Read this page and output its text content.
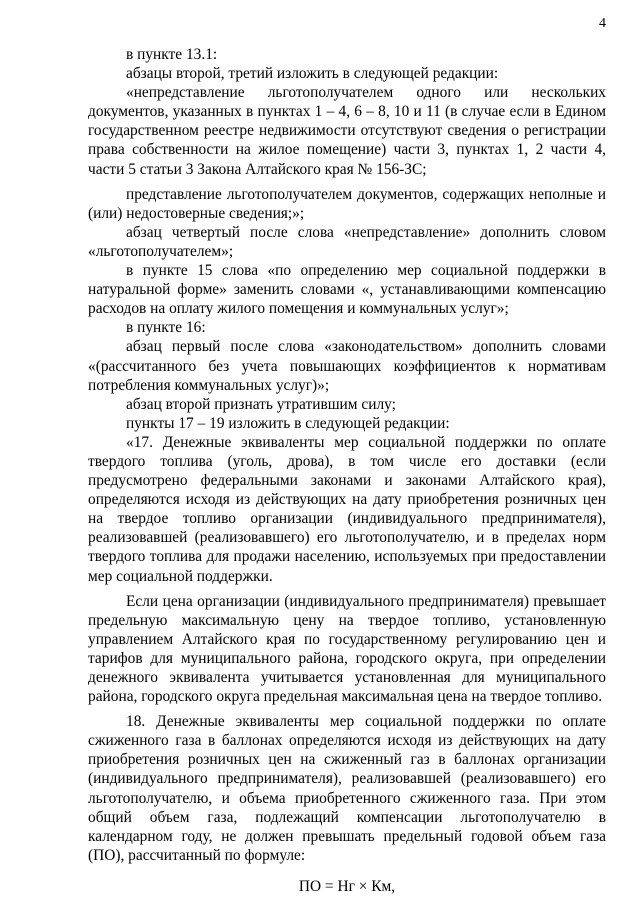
4

в пункте 13.1:

абзацы второй, третий изложить в следующей редакции:

«непредставление льготополучателем одного или нескольких документов, указанных в пунктах 1 – 4, 6 – 8, 10 и 11 (в случае если в Едином государственном реестре недвижимости отсутствуют сведения о регистрации права собственности на жилое помещение) части 3, пунктах 1, 2 части 4, части 5 статьи 3 Закона Алтайского края № 156-ЗС;

представление льготополучателем документов, содержащих неполные и (или) недостоверные сведения;»;

абзац четвертый после слова «непредставление» дополнить словом «льготополучателем»;

в пункте 15 слова «по определению мер социальной поддержки в натуральной форме» заменить словами «, устанавливающими компенсацию расходов на оплату жилого помещения и коммунальных услуг»;

в пункте 16:

абзац первый после слова «законодательством» дополнить словами «(рассчитанного без учета повышающих коэффициентов к нормативам потребления коммунальных услуг)»;

абзац второй признать утратившим силу;

пункты 17 – 19 изложить в следующей редакции:

«17. Денежные эквиваленты мер социальной поддержки по оплате твердого топлива (уголь, дрова), в том числе его доставки (если предусмотрено федеральными законами и законами Алтайского края), определяются исходя из действующих на дату приобретения розничных цен на твердое топливо организации (индивидуального предпринимателя), реализовавшей (реализовавшего) его льготополучателю, и в пределах норм твердого топлива для продажи населению, используемых при предоставлении мер социальной поддержки.

Если цена организации (индивидуального предпринимателя) превышает предельную максимальную цену на твердое топливо, установленную управлением Алтайского края по государственному регулированию цен и тарифов для муниципального района, городского округа, при определении денежного эквивалента учитывается установленная для муниципального района, городского округа предельная максимальная цена на твердое топливо.

18. Денежные эквиваленты мер социальной поддержки по оплате сжиженного газа в баллонах определяются исходя из действующих на дату приобретения розничных цен на сжиженный газ в баллонах организации (индивидуального предпринимателя), реализовавшей (реализовавшего) его льготополучателю, и объема приобретенного сжиженного газа. При этом общий объем газа, подлежащий компенсации льготополучателю в календарном году, не должен превышать предельный годовой объем газа (ПО), рассчитанный по формуле:

ПО = Нг × Км,
